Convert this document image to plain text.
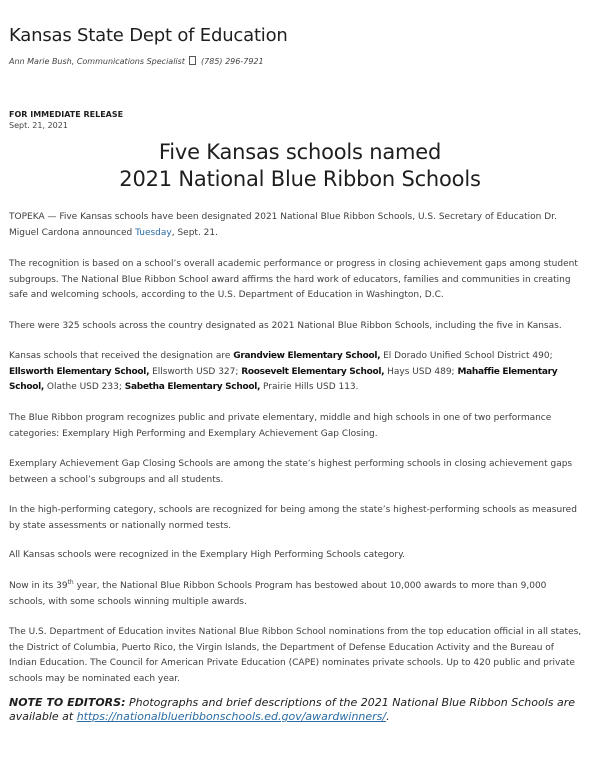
Kansas State Dept of Education
Ann Marie Bush, Communications Specialist (785) 296-7921
FOR IMMEDIATE RELEASE
Sept. 21, 2021
Five Kansas schools named
2021 National Blue Ribbon Schools

TOPEKA — Five Kansas schools have been designated 2021 National Blue Ribbon Schools, U.S. Secretary of Education Dr. Miguel Cardona announced Tuesday, Sept. 21.

The recognition is based on a school’s overall academic performance or progress in closing achievement gaps among student subgroups. The National Blue Ribbon School award affirms the hard work of educators, families and communities in creating safe and welcoming schools, according to the U.S. Department of Education in Washington, D.C.

There were 325 schools across the country designated as 2021 National Blue Ribbon Schools, including the five in Kansas.

Kansas schools that received the designation are Grandview Elementary School, El Dorado Unified School District 490; Ellsworth Elementary School, Ellsworth USD 327; Roosevelt Elementary School, Hays USD 489; Mahaffie Elementary School, Olathe USD 233; Sabetha Elementary School, Prairie Hills USD 113.

The Blue Ribbon program recognizes public and private elementary, middle and high schools in one of two performance categories: Exemplary High Performing and Exemplary Achievement Gap Closing.

Exemplary Achievement Gap Closing Schools are among the state’s highest performing schools in closing achievement gaps between a school’s subgroups and all students.

In the high-performing category, schools are recognized for being among the state’s highest-performing schools as measured by state assessments or nationally normed tests.

All Kansas schools were recognized in the Exemplary High Performing Schools category.

Now in its 39th year, the National Blue Ribbon Schools Program has bestowed about 10,000 awards to more than 9,000 schools, with some schools winning multiple awards.

The U.S. Department of Education invites National Blue Ribbon School nominations from the top education official in all states, the District of Columbia, Puerto Rico, the Virgin Islands, the Department of Defense Education Activity and the Bureau of Indian Education. The Council for American Private Education (CAPE) nominates private schools. Up to 420 public and private schools may be nominated each year.

NOTE TO EDITORS: Photographs and brief descriptions of the 2021 National Blue Ribbon Schools are available at https://nationalblueribbonschools.ed.gov/awardwinners/.
